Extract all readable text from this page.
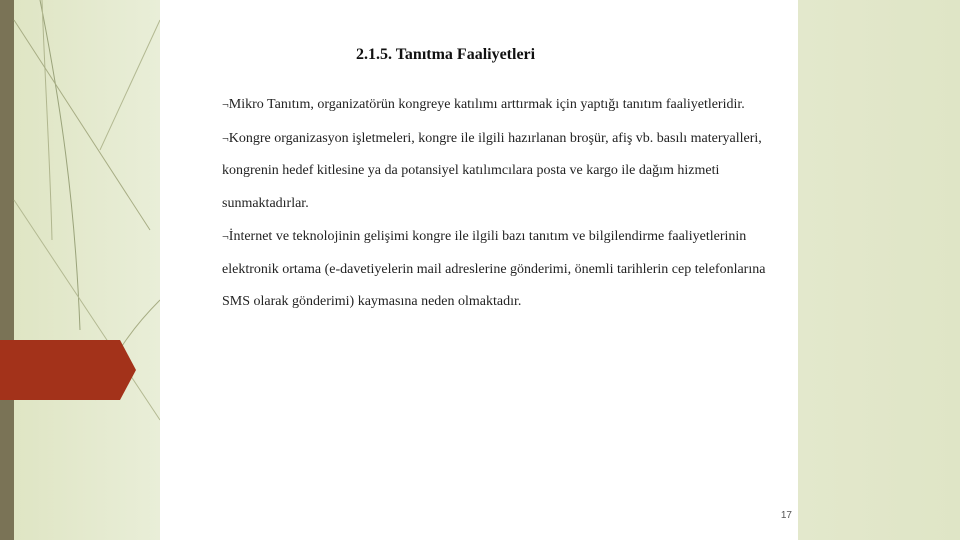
2.1.5. Tanıtma Faaliyetleri

¬Mikro Tanıtım, organizatörün kongreye katılımı arttırmak için yaptığı tanıtım faaliyetleridir.

¬Kongre organizasyon işletmeleri, kongre ile ilgili hazırlanan broşür, afiş vb. basılı materyalleri, kongrenin hedef kitlesine ya da potansiyel katılımcılara posta ve kargo ile dağım hizmeti sunmaktadırlar.

¬İnternet ve teknolojinin gelişimi kongre ile ilgili bazı tanıtım ve bilgilendirme faaliyetlerinin elektronik ortama (e-davetiyelerin mail adreslerine gönderimi, önemli tarihlerin cep telefonlarına SMS olarak gönderimi) kaymasına neden olmaktadır.

17
